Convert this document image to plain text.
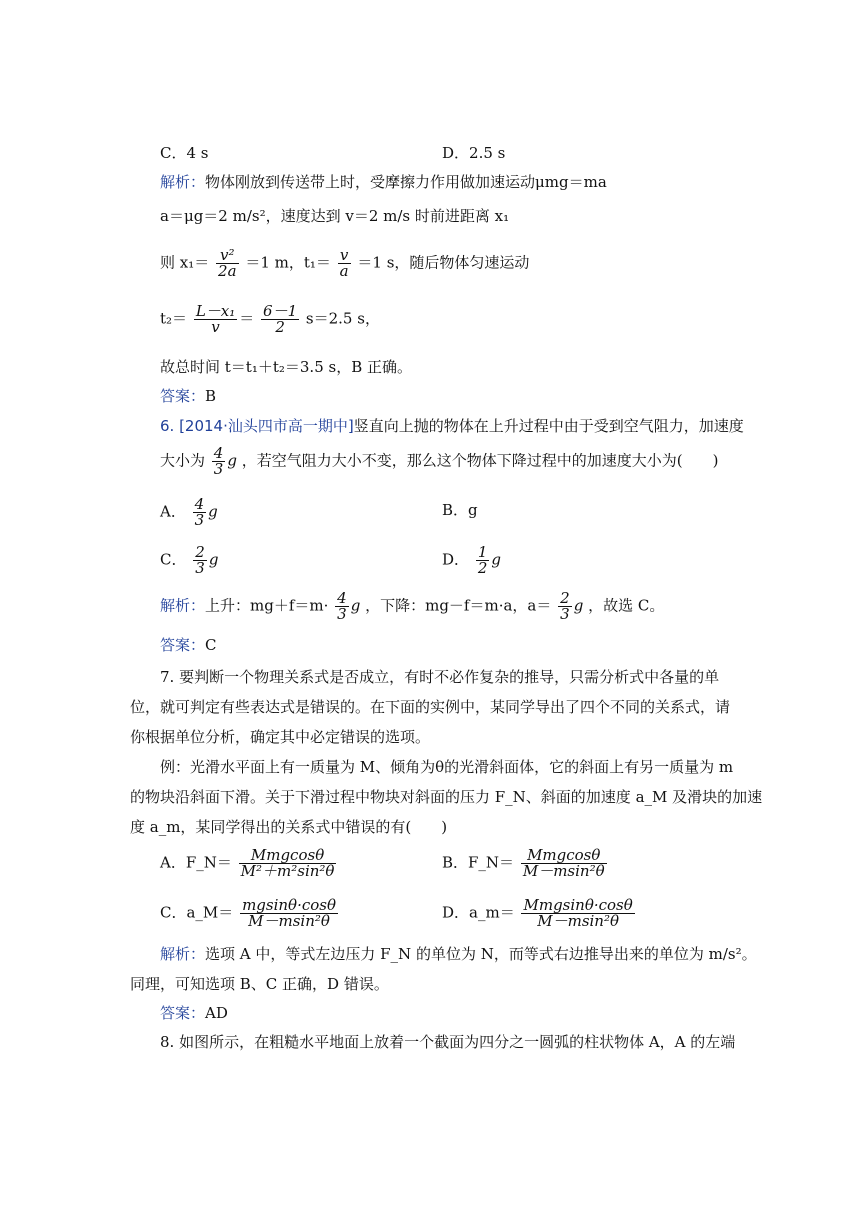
C．4 s	D．2.5 s
解析：物体刚放到传送带上时，受摩擦力作用做加速运动μmg＝ma
a＝μg＝2 m/s²，速度达到 v＝2 m/s 时前进距离 x₁
则 $x_1= \frac{\text{v²}}{2a} =1$ m，$t_1= \frac{v}{a} =1$ s，随后物体匀速运动
$t_2= \frac{\text{L－x₁}}{v} = \frac{6-1}{2} s=2.5$ s，
故总时间 t＝t₁＋t₂＝3.5 s，B 正确。
答案：B
6. [2014·汕头四市高一期中]竖直向上抛的物体在上升过程中由于受到空气阻力，加速度
大小为 $\frac{4}{3}$ g ，若空气阻力大小不变，那么这个物体下降过程中的加速度大小为(　　)
A． $\frac{4}{3}$ g	B．g
C． $\frac{2}{3}$ g	D． $\frac{1}{2}$ g
解析：上升：$mg+f=m\cdot \frac{4}{3}$ g ，下降：mg－f＝m·a，$a= \frac{2}{3}$ g ，故选 C。
答案：C
7. 要判断一个物理关系式是否成立，有时不必作复杂的推导，只需分析式中各量的单
位，就可判定有些表达式是错误的。在下面的实例中，某同学导出了四个不同的关系式，请
你根据单位分析，确定其中必定错误的选项。
例：光滑水平面上有一质量为 M、倾角为θ的光滑斜面体，它的斜面上有另一质量为 m
的物块沿斜面下滑。关于下滑过程中物块对斜面的压力 F_N、斜面的加速度 a_M 及滑块的加速
度 a_m，某同学得出的关系式中错误的有(　　)
A．F_N＝ $\frac{\text{Mmgcosθ}}{\text{M²＋m²sin²θ}}$	B．F_N＝ $\frac{\text{Mmgcosθ}}{\text{M－msin²θ}}$
C．a_M＝ $\frac{mgsin\theta\cdot\cos\theta}{\text{M－msin²θ}}$	D．a_m＝ $\frac{\text{Mmgsinθ·cosθ}}{\text{M－msin²θ}}$
解析：选项 A 中，等式左边压力 F_N 的单位为 N，而等式右边推导出来的单位为 m/s²。
同理，可知选项 B、C 正确，D 错误。
答案：AD
8. 如图所示，在粗糙水平地面上放着一个截面为四分之一圆弧的柱状物体 A，A 的左端
